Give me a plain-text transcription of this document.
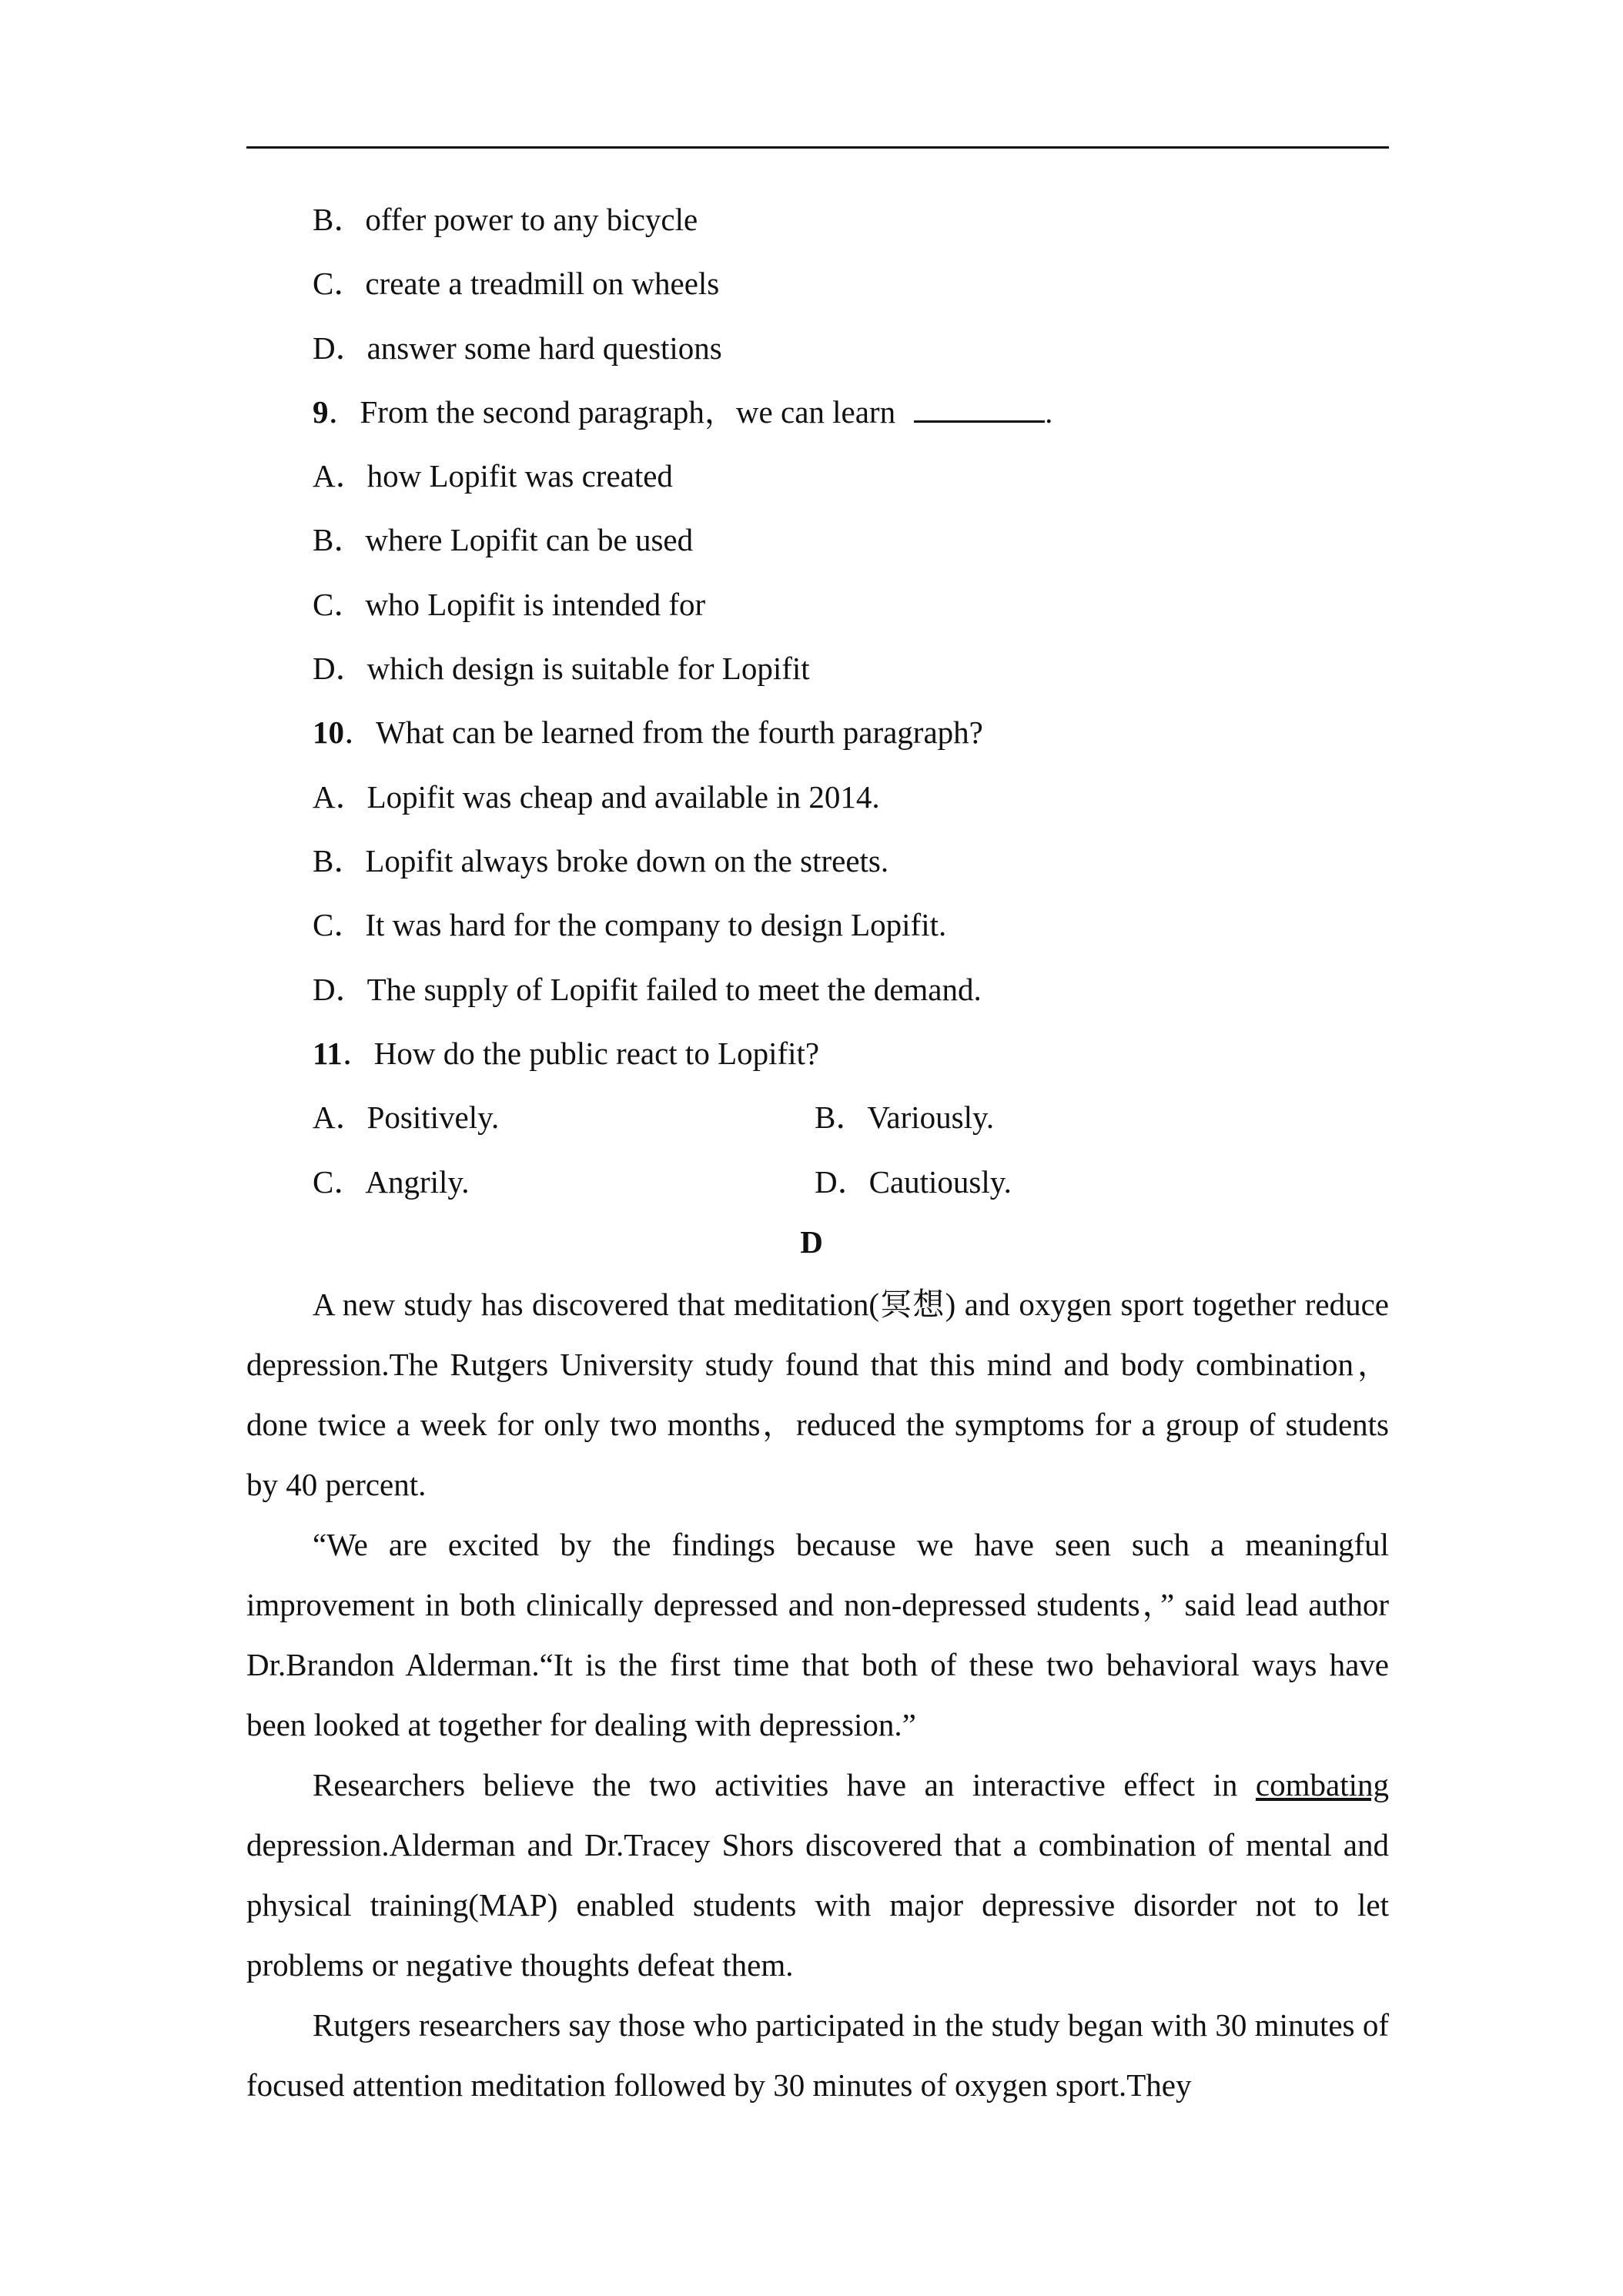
B．offer power to any bicycle
C．create a treadmill on wheels
D．answer some hard questions
9．From the second paragraph，we can learn	.
A．how Lopifit was created
B．where Lopifit can be used
C．who Lopifit is intended for
D．which design is suitable for Lopifit
10．What can be learned from the fourth paragraph?
A．Lopifit was cheap and available in 2014.
B．Lopifit always broke down on the streets.
C．It was hard for the company to design Lopifit.
D．The supply of Lopifit failed to meet the demand.
11．How do the public react to Lopifit?
A．Positively.	B．Variously.
C．Angrily.	D．Cautiously.
D

A new study has discovered that meditation(冥想) and oxygen sport together reduce depression.The Rutgers University study found that this mind and body combination，done twice a week for only two months，reduced the symptoms for a group of students by 40 percent.

“We are excited by the findings because we have seen such a meaningful improvement in both clinically depressed and non-depressed students，” said lead author Dr.Brandon Alderman.“It is the first time that both of these two behavioral ways have been looked at together for dealing with depression.”

Researchers believe the two activities have an interactive effect in combating depression.Alderman and Dr.Tracey Shors discovered that a combination of mental and physical training(MAP) enabled students with major depressive disorder not to let problems or negative thoughts defeat them.

Rutgers researchers say those who participated in the study began with 30 minutes of focused attention meditation followed by 30 minutes of oxygen sport.They
